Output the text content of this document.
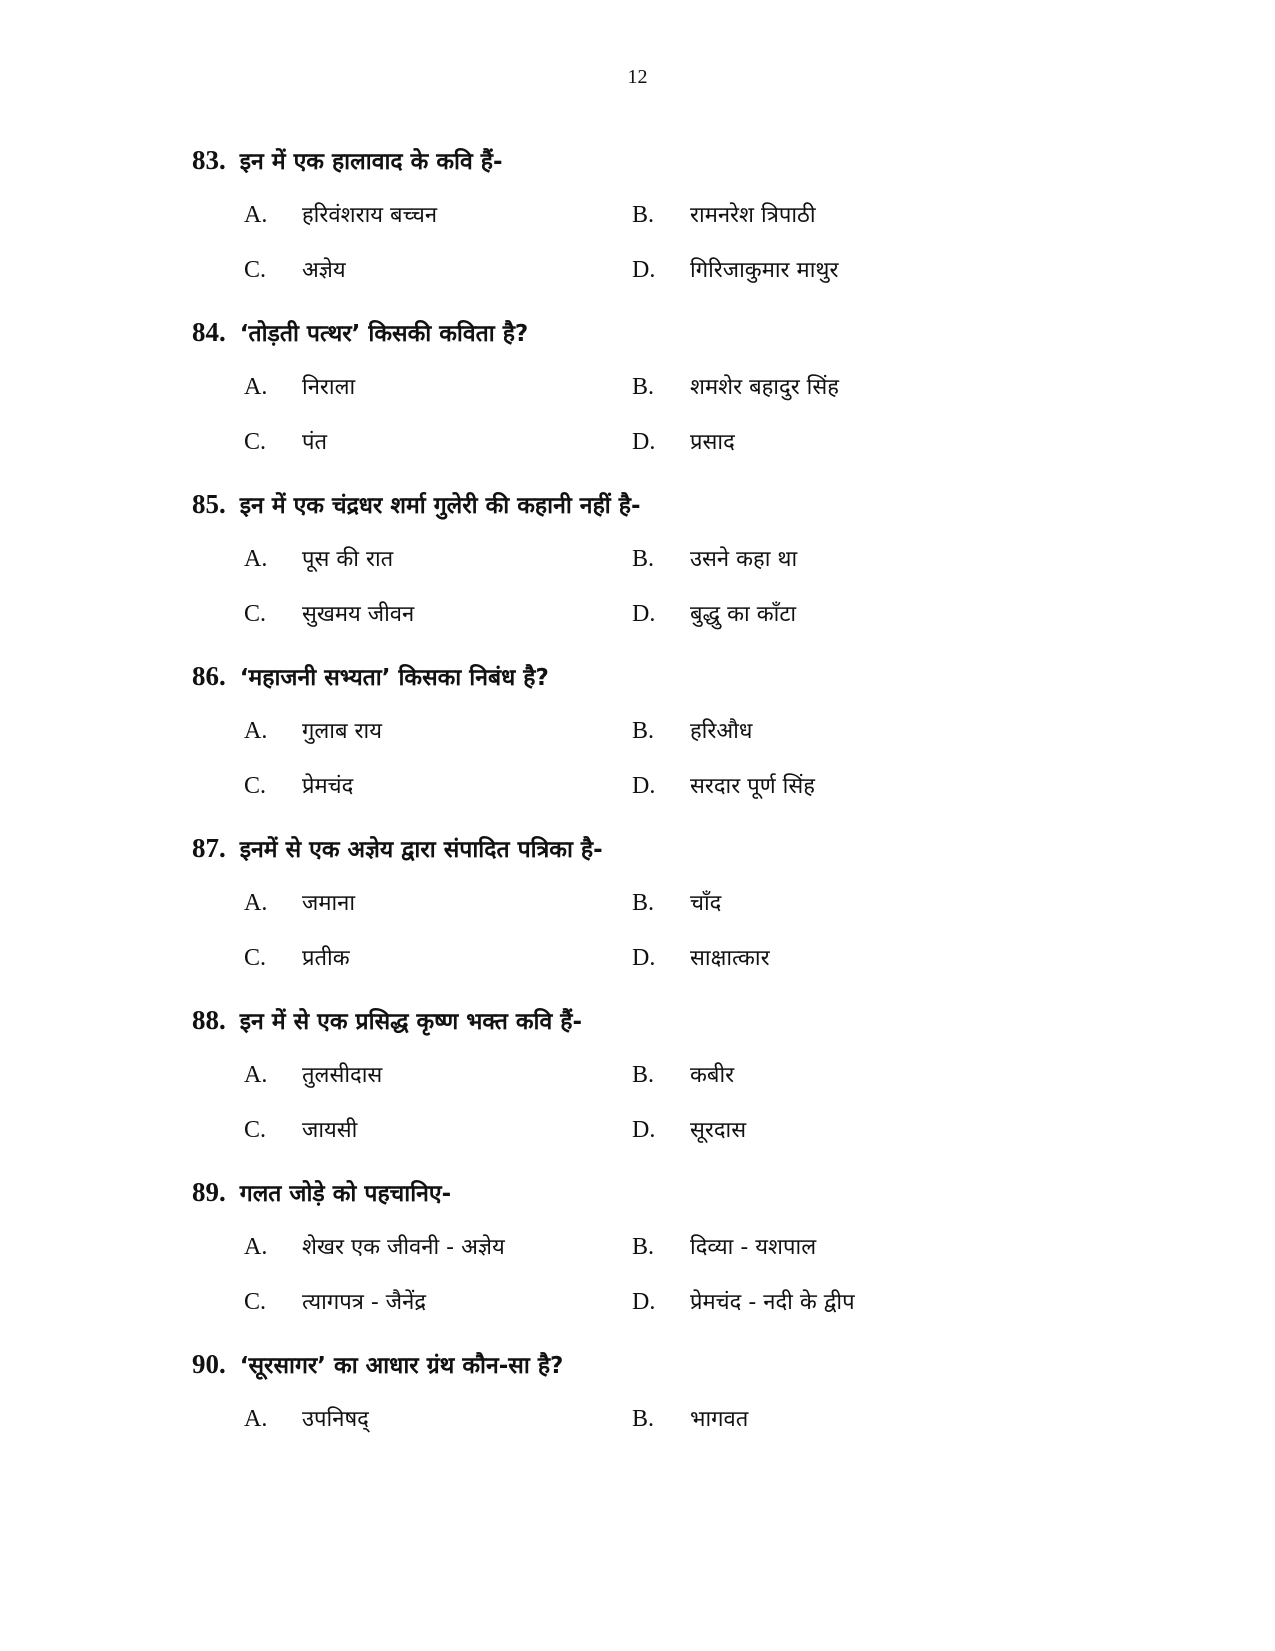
12
83. इन में एक हालावाद के कवि हैं-
A.	हरिवंशराय बच्चन	B.	रामनरेश त्रिपाठी
C.	अज्ञेय	D.	गिरिजाकुमार माथुर
84. ‘तोड़ती पत्थर’ किसकी कविता है?
A.	निराला	B.	शमशेर बहादुर सिंह
C.	पंत	D.	प्रसाद
85. इन में एक चंद्रधर शर्मा गुलेरी की कहानी नहीं है-
A.	पूस की रात	B.	उसने कहा था
C.	सुखमय जीवन	D.	बुद्धु का काँटा
86. ‘महाजनी सभ्यता’ किसका निबंध है?
A.	गुलाब राय	B.	हरिऔध
C.	प्रेमचंद	D.	सरदार पूर्ण सिंह
87. इनमें से एक अज्ञेय द्वारा संपादित पत्रिका है-
A.	जमाना	B.	चाँद
C.	प्रतीक	D.	साक्षात्कार
88. इन में से एक प्रसिद्ध कृष्ण भक्त कवि हैं-
A.	तुलसीदास	B.	कबीर
C.	जायसी	D.	सूरदास
89. गलत जोड़े को पहचानिए-
A.	शेखर एक जीवनी - अज्ञेय	B.	दिव्या - यशपाल
C.	त्यागपत्र - जैनेंद्र	D.	प्रेमचंद - नदी के द्वीप
90. ‘सूरसागर’ का आधार ग्रंथ कौन-सा है?
A.	उपनिषद्	B.	भागवत
